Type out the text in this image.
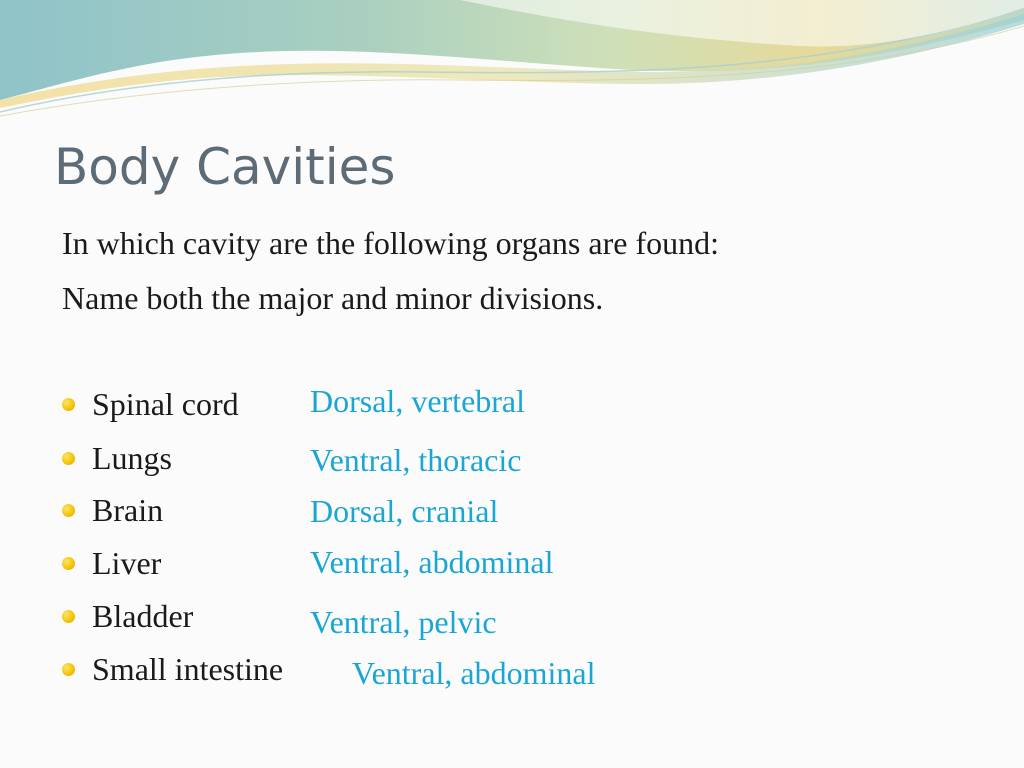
Body Cavities
In which cavity are the following organs are found:
Name both the major and minor divisions.
Spinal cord
Lungs
Brain
Liver
Bladder
Small intestine
Dorsal, vertebral
Ventral, thoracic
Dorsal, cranial
Ventral, abdominal
Ventral, pelvic
Ventral, abdominal
